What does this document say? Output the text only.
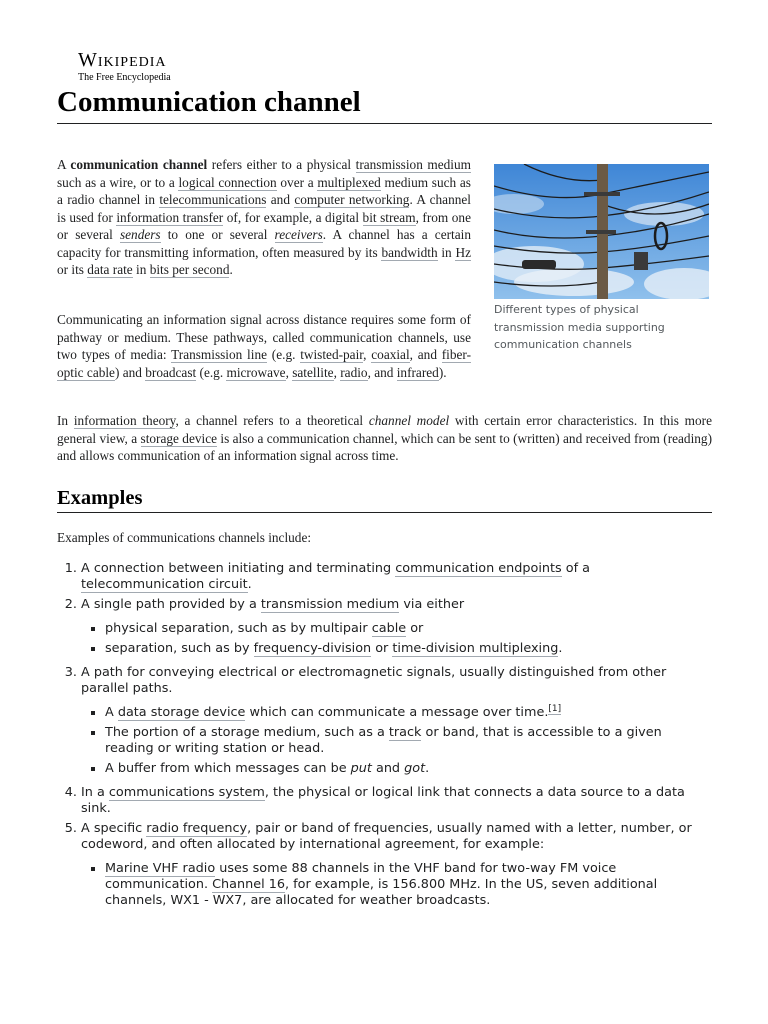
Wikipedia
The Free Encyclopedia
Communication channel
A communication channel refers either to a physical transmission medium such as a wire, or to a logical connection over a multiplexed medium such as a radio channel in telecommunications and computer networking. A channel is used for information transfer of, for example, a digital bit stream, from one or several senders to one or several receivers. A channel has a certain capacity for transmitting information, often measured by its bandwidth in Hz or its data rate in bits per second.
Communicating an information signal across distance requires some form of pathway or medium. These pathways, called communication channels, use two types of media: Transmission line (e.g. twisted-pair, coaxial, and fiber-optic cable) and broadcast (e.g. microwave, satellite, radio, and infrared).
In information theory, a channel refers to a theoretical channel model with certain error characteristics. In this more general view, a storage device is also a communication channel, which can be sent to (written) and received from (reading) and allows communication of an information signal across time.
Different types of physical transmission media supporting communication channels
Examples
Examples of communications channels include:
1. A connection between initiating and terminating communication endpoints of a telecommunication circuit.
2. A single path provided by a transmission medium via either
▪ physical separation, such as by multipair cable or
▪ separation, such as by frequency-division or time-division multiplexing.
3. A path for conveying electrical or electromagnetic signals, usually distinguished from other parallel paths.
▪ A data storage device which can communicate a message over time.[1]
▪ The portion of a storage medium, such as a track or band, that is accessible to a given reading or writing station or head.
▪ A buffer from which messages can be put and got.
4. In a communications system, the physical or logical link that connects a data source to a data sink.
5. A specific radio frequency, pair or band of frequencies, usually named with a letter, number, or codeword, and often allocated by international agreement, for example:
▪ Marine VHF radio uses some 88 channels in the VHF band for two-way FM voice communication. Channel 16, for example, is 156.800 MHz. In the US, seven additional channels, WX1 - WX7, are allocated for weather broadcasts.
